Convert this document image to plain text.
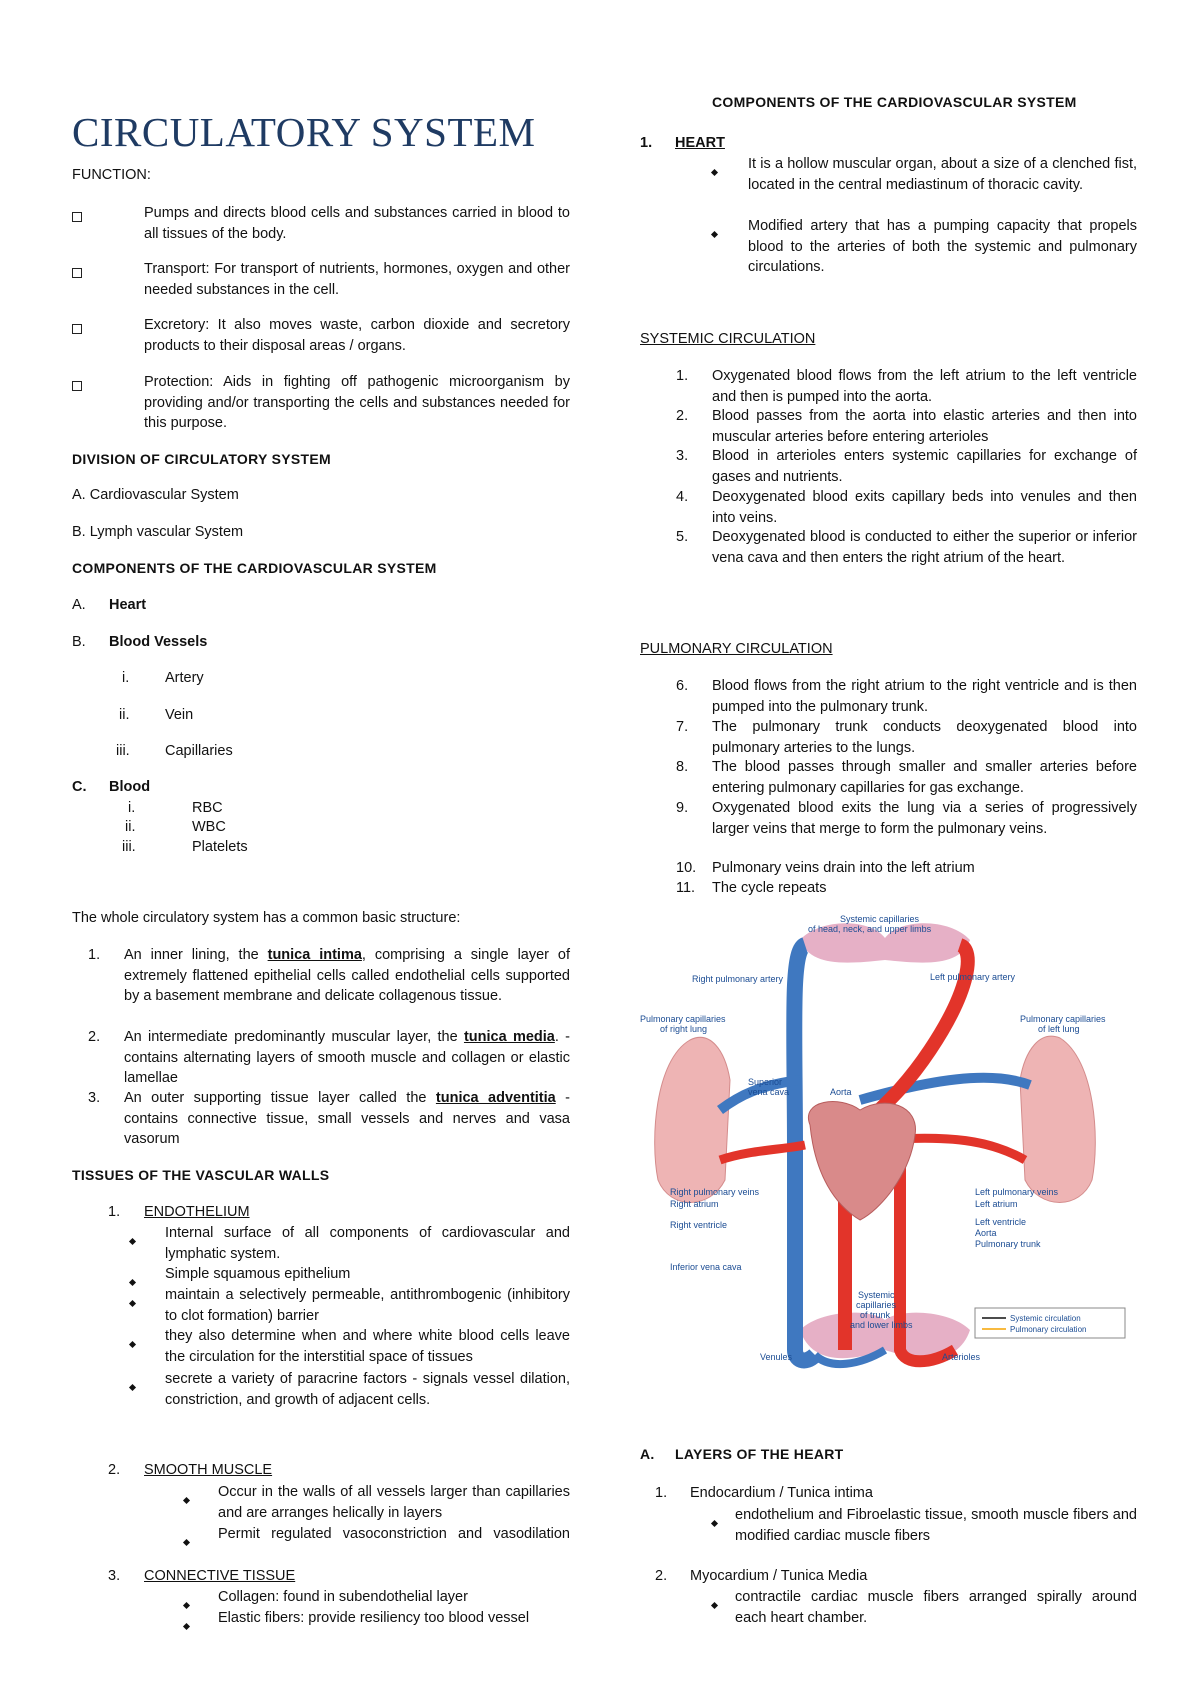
CIRCULATORY SYSTEM
FUNCTION:
Pumps and directs blood cells and substances carried in blood to all tissues of the body.
Transport: For transport of nutrients, hormones, oxygen and other needed substances in the cell.
Excretory: It also moves waste, carbon dioxide and secretory products to their disposal areas / organs.
Protection: Aids in fighting off pathogenic microorganism by providing and/or transporting the cells and substances needed for this purpose.
DIVISION OF CIRCULATORY SYSTEM
A. Cardiovascular System
B. Lymph vascular System
COMPONENTS OF THE CARDIOVASCULAR SYSTEM
A. Heart
B. Blood Vessels
i. Artery
ii. Vein
iii. Capillaries
C. Blood
i.	RBC
ii.	WBC
iii.	Platelets
The whole circulatory system has a common basic structure:
1. An inner lining, the tunica intima, comprising a single layer of extremely flattened epithelial cells called endothelial cells supported by a basement membrane and delicate collagenous tissue.
2. An intermediate predominantly muscular layer, the tunica media. - contains alternating layers of smooth muscle and collagen or elastic lamellae
3. An outer supporting tissue layer called the tunica adventitia - contains connective tissue, small vessels and nerves and vasa vasorum
TISSUES OF THE VASCULAR WALLS
1. ENDOTHELIUM
Internal surface of all components of cardiovascular and lymphatic system.
Simple squamous epithelium
maintain a selectively permeable, antithrombogenic (inhibitory to clot formation) barrier
they also determine when and where white blood cells leave the circulation for the interstitial space of tissues
secrete a variety of paracrine factors - signals vessel dilation, constriction, and growth of adjacent cells.
2. SMOOTH MUSCLE
Occur in the walls of all vessels larger than capillaries and are arranges helically in layers
Permit regulated vasoconstriction and vasodilation
3. CONNECTIVE TISSUE
Collagen: found in subendothelial layer
Elastic fibers: provide resiliency too blood vessel
COMPONENTS OF THE CARDIOVASCULAR SYSTEM
1. HEART
It is a hollow muscular organ, about a size of a clenched fist, located in the central mediastinum of thoracic cavity.
Modified artery that has a pumping capacity that propels blood to the arteries of both the systemic and pulmonary circulations.
SYSTEMIC CIRCULATION
1. Oxygenated blood flows from the left atrium to the left ventricle and then is pumped into the aorta.
2. Blood passes from the aorta into elastic arteries and then into muscular arteries before entering arterioles
3. Blood in arterioles enters systemic capillaries for exchange of gases and nutrients.
4. Deoxygenated blood exits capillary beds into venules and then into veins.
5. Deoxygenated blood is conducted to either the superior or inferior vena cava and then enters the right atrium of the heart.
PULMONARY CIRCULATION
6. Blood flows from the right atrium to the right ventricle and is then pumped into the pulmonary trunk.
7. The pulmonary trunk conducts deoxygenated blood into pulmonary arteries to the lungs.
8. The blood passes through smaller and smaller arteries before entering pulmonary capillaries for gas exchange.
9. Oxygenated blood exits the lung via a series of progressively larger veins that merge to form the pulmonary veins.
10. Pulmonary veins drain into the left atrium
11. The cycle repeats
Systemic capillaries
of head, neck, and upper limbs
Right pulmonary artery	Left pulmonary artery
Pulmonary capillaries
of right lung
Pulmonary capillaries
of left lung
Superior
vena cava	Aorta
Right pulmonary veins
Right atrium
Right ventricle
Inferior vena cava
Left pulmonary veins
Left atrium
Left ventricle
Aorta
Pulmonary trunk
Systemic
capillaries
of trunk
and lower limbs
Venules	Arterioles
Systemic circulation
Pulmonary circulation
A. LAYERS OF THE HEART
1. Endocardium / Tunica intima
endothelium and Fibroelastic tissue, smooth muscle fibers and modified cardiac muscle fibers
2. Myocardium / Tunica Media
contractile cardiac muscle fibers arranged spirally around each heart chamber.
